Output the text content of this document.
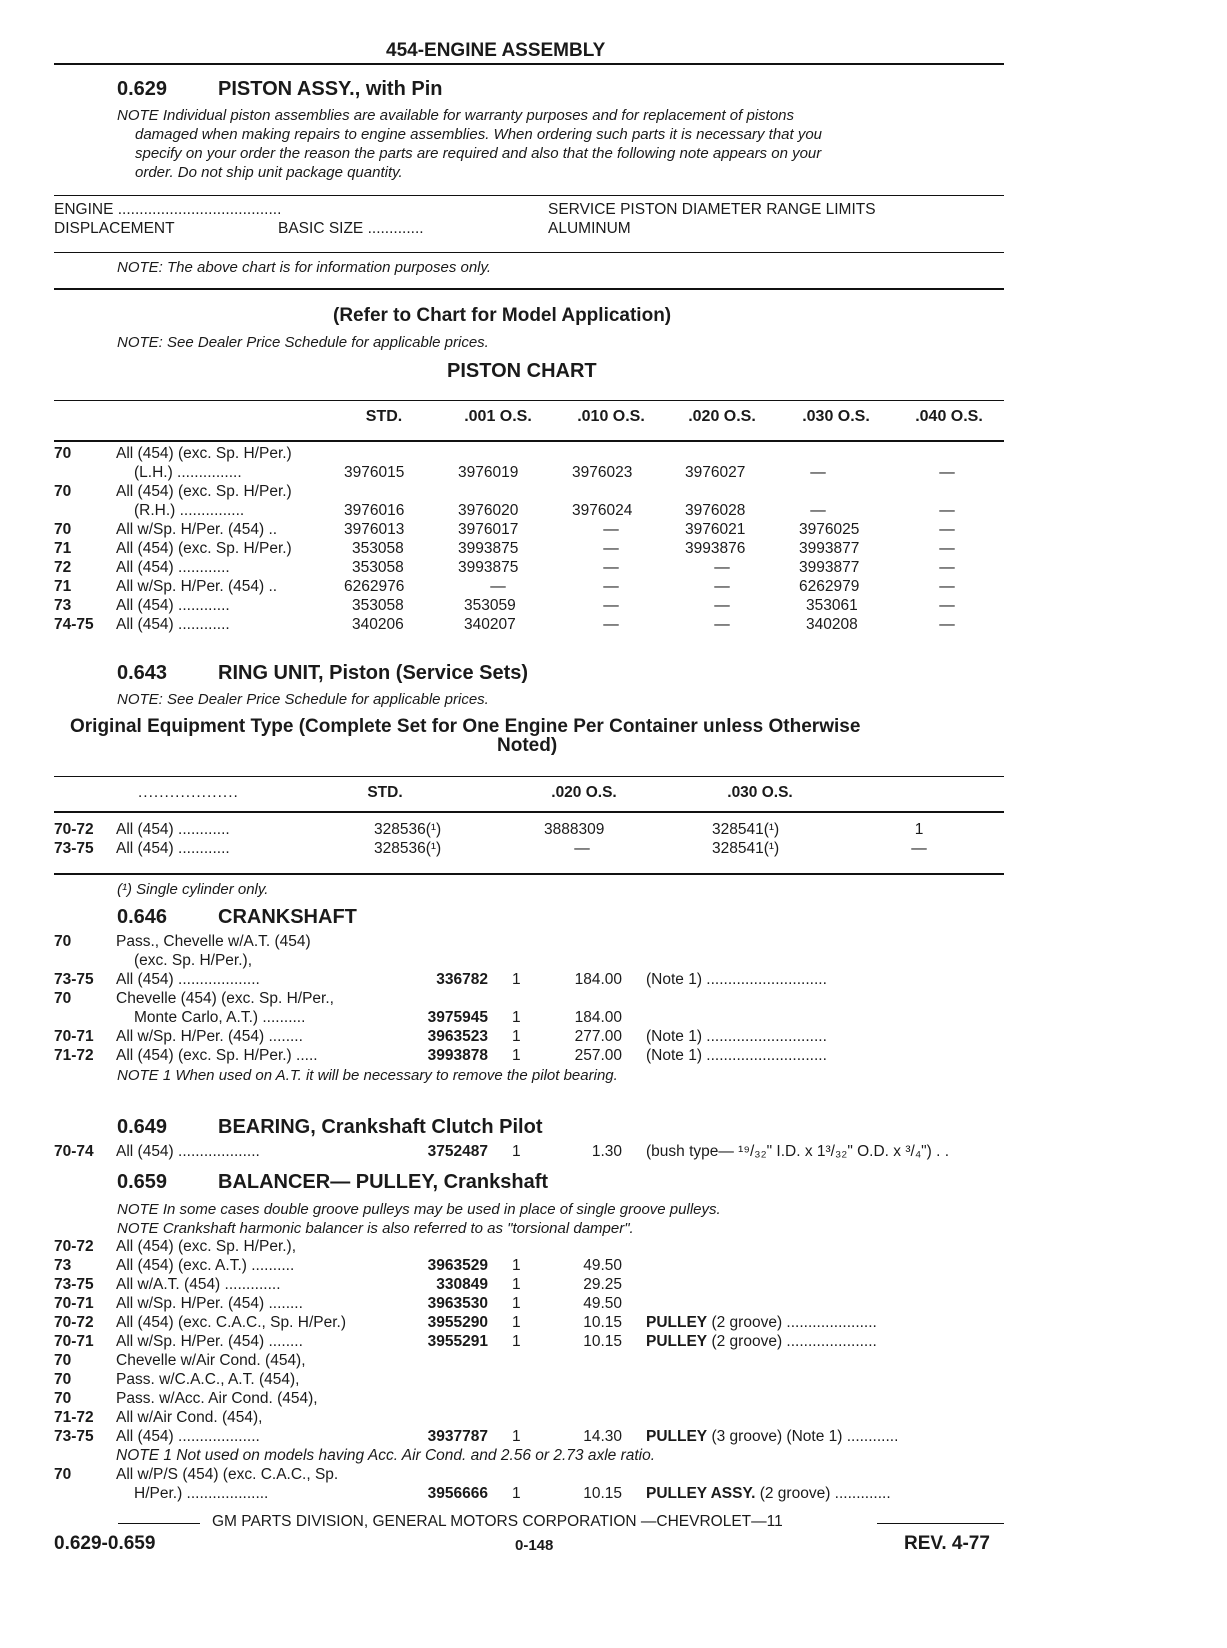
454-ENGINE ASSEMBLY
0.629	PISTON ASSY., with Pin
NOTE Individual piston assemblies are available for warranty purposes and for replacement of pistons
damaged when making repairs to engine assemblies. When ordering such parts it is necessary that you
specify on your order the reason the parts are required and also that the following note appears on your
order. Do not ship unit package quantity.
ENGINE ......................................
DISPLACEMENT	BASIC SIZE .............
SERVICE PISTON DIAMETER RANGE LIMITS
ALUMINUM
NOTE: The above chart is for information purposes only.
(Refer to Chart for Model Application)
NOTE: See Dealer Price Schedule for applicable prices.
PISTON CHART
STD.	.001 O.S.	.010 O.S.	.020 O.S.	.030 O.S.	.040 O.S.
70	All (454) (exc. Sp. H/Per.)
(L.H.) ...............	3976015	3976019	3976023	3976027	—	—
70	All (454) (exc. Sp. H/Per.)
(R.H.) ...............	3976016	3976020	3976024	3976028	—	—
70	All w/Sp. H/Per. (454) ..	3976013	3976017	—	3976021	3976025	—
71	All (454) (exc. Sp. H/Per.)	353058	3993875	—	3993876	3993877	—
72	All (454) ............	353058	3993875	—	—	3993877	—
71	All w/Sp. H/Per. (454) ..	6262976	—	—	—	6262979	—
73	All (454) ............	353058	353059	—	—	353061	—
74-75 All (454) ............	340206	340207	—	—	340208	—
0.643	RING UNIT, Piston (Service Sets)
NOTE: See Dealer Price Schedule for applicable prices.
Original Equipment Type (Complete Set for One Engine Per Container unless Otherwise
Noted)
...................	STD.	.020 O.S.	.030 O.S.
70-72 All (454) ............	328536(¹)	3888309	328541(¹)	1
73-75 All (454) ............	328536(¹)	—	328541(¹)	—
(¹) Single cylinder only.
0.646	CRANKSHAFT
70	Pass., Chevelle w/A.T. (454)
(exc. Sp. H/Per.),
73-75 All (454) ...................	336782 1	184.00 (Note 1) ............................
70	Chevelle (454) (exc. Sp. H/Per.,
Monte Carlo, A.T.) ..........	3975945 1	184.00
70-71 All w/Sp. H/Per. (454) ........	3963523 1	277.00 (Note 1) ............................
71-72 All (454) (exc. Sp. H/Per.) .....	3993878 1	257.00 (Note 1) ............................
NOTE 1 When used on A.T. it will be necessary to remove the pilot bearing.
0.649	BEARING, Crankshaft Clutch Pilot
70-74 All (454) ...................	3752487 1	1.30 (bush type— ¹⁹/₃₂" I.D. x 1³/₃₂" O.D. x ³/₄") . .
0.659	BALANCER— PULLEY, Crankshaft
NOTE In some cases double groove pulleys may be used in place of single groove pulleys.
NOTE Crankshaft harmonic balancer is also referred to as "torsional damper".
70-72 All (454) (exc. Sp. H/Per.),
73	All (454) (exc. A.T.) ..........	3963529 1	49.50
73-75 All w/A.T. (454) .............	330849 1	29.25
70-71 All w/Sp. H/Per. (454) ........	3963530 1	49.50
70-72 All (454) (exc. C.A.C., Sp. H/Per.)	3955290 1	10.15 PULLEY (2 groove) .....................
70-71 All w/Sp. H/Per. (454) ........	3955291 1	10.15 PULLEY (2 groove) .....................
70	Chevelle w/Air Cond. (454),
70	Pass. w/C.A.C., A.T. (454),
70	Pass. w/Acc. Air Cond. (454),
71-72 All w/Air Cond. (454),
73-75 All (454) ...................	3937787 1	14.30 PULLEY (3 groove) (Note 1) ............
NOTE 1 Not used on models having Acc. Air Cond. and 2.56 or 2.73 axle ratio.
70	All w/P/S (454) (exc. C.A.C., Sp.
H/Per.) ...................	3956666 1	10.15 PULLEY ASSY. (2 groove) .............
GM PARTS DIVISION, GENERAL MOTORS CORPORATION —CHEVROLET—11
0.629-0.659	0-148	REV. 4-77
